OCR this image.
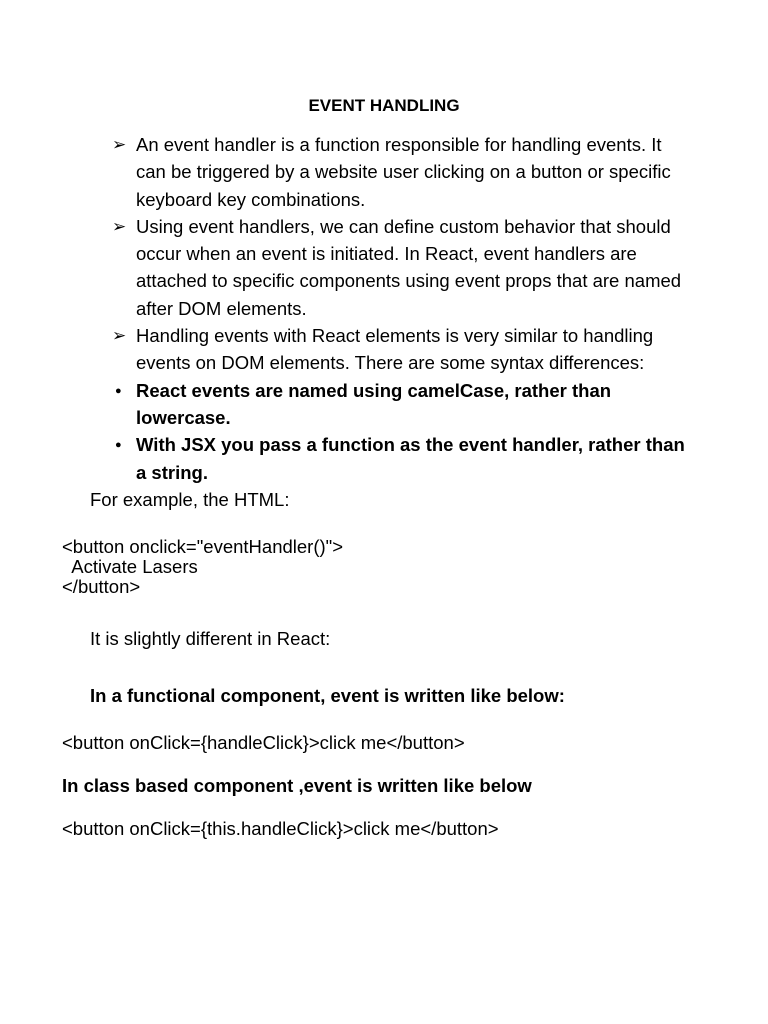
EVENT HANDLING
➢
An event handler is a function responsible for handling events. It can be triggered by a website user clicking on a button or specific keyboard key combinations.
➢
Using event handlers, we can define custom behavior that should occur when an event is initiated. In React, event handlers are attached to specific components using event props that are named after DOM elements.
➢
Handling events with React elements is very similar to handling events on DOM elements. There are some syntax differences:
●
React events are named using camelCase, rather than lowercase.
●
With JSX you pass a function as the event handler, rather than a string.
For example, the HTML:
<button onclick="eventHandler()">
Activate Lasers
</button>
It is slightly different in React:
In a functional component, event is written like below:
<button onClick={handleClick}>click me</button>
In class based component ,event is written like below
<button onClick={this.handleClick}>click me</button>
